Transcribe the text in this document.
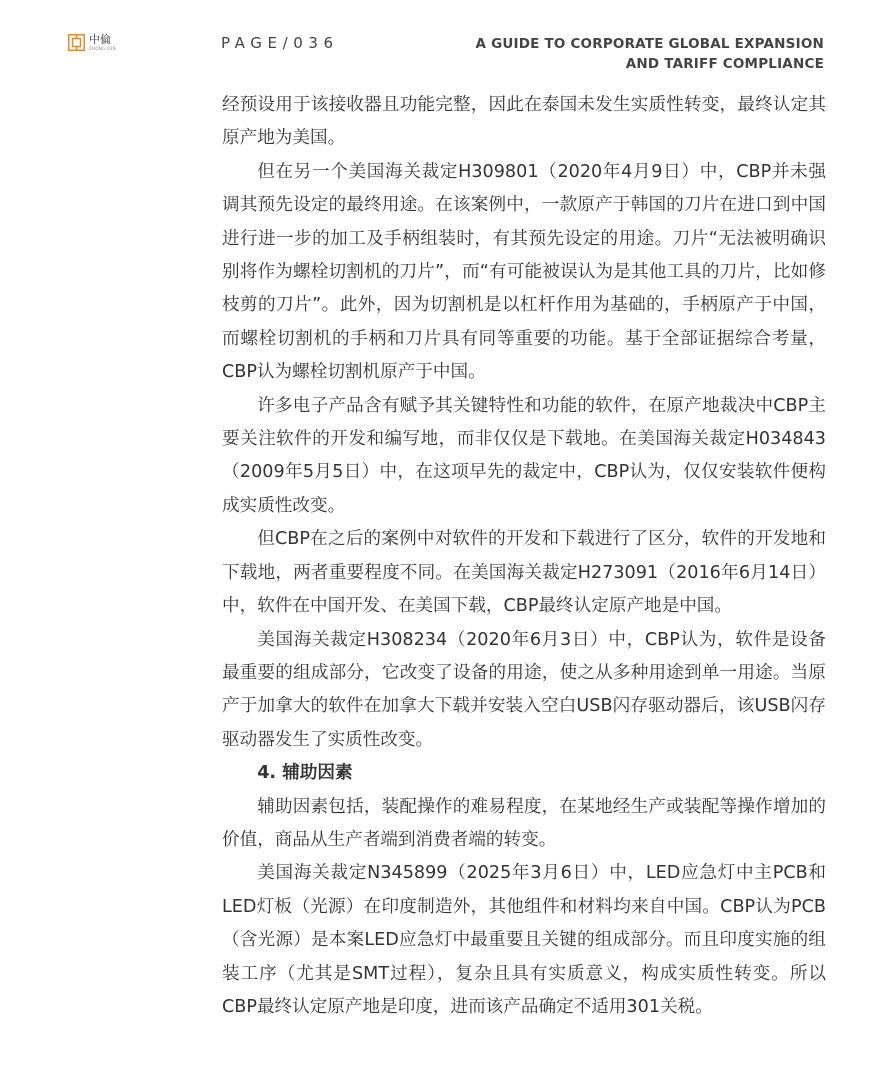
中倫
ZHONG LUN	PAGE/036	A GUIDE TO CORPORATE GLOBAL EXPANSION
AND TARIFF COMPLIANCE

经预设用于该接收器且功能完整，因此在泰国未发生实质性转变，最终认定其原产地为美国。

但在另一个美国海关裁定H309801（2020年4月9日）中，CBP并未强调其预先设定的最终用途。在该案例中，一款原产于韩国的刀片在进口到中国进行进一步的加工及手柄组装时，有其预先设定的用途。刀片“无法被明确识别将作为螺栓切割机的刀片”，而“有可能被误认为是其他工具的刀片，比如修枝剪的刀片”。此外，因为切割机是以杠杆作用为基础的，手柄原产于中国，而螺栓切割机的手柄和刀片具有同等重要的功能。基于全部证据综合考量，CBP认为螺栓切割机原产于中国。

许多电子产品含有赋予其关键特性和功能的软件，在原产地裁决中CBP主要关注软件的开发和编写地，而非仅仅是下载地。在美国海关裁定H034843（2009年5月5日）中，在这项早先的裁定中，CBP认为，仅仅安装软件便构成实质性改变。

但CBP在之后的案例中对软件的开发和下载进行了区分，软件的开发地和下载地，两者重要程度不同。在美国海关裁定H273091（2016年6月14日）中，软件在中国开发、在美国下载，CBP最终认定原产地是中国。

美国海关裁定H308234（2020年6月3日）中，CBP认为，软件是设备最重要的组成部分，它改变了设备的用途，使之从多种用途到单一用途。当原产于加拿大的软件在加拿大下载并安装入空白USB闪存驱动器后，该USB闪存驱动器发生了实质性改变。

4. 辅助因素

辅助因素包括，装配操作的难易程度，在某地经生产或装配等操作增加的价值，商品从生产者端到消费者端的转变。

美国海关裁定N345899（2025年3月6日）中，LED应急灯中主PCB和LED灯板（光源）在印度制造外，其他组件和材料均来自中国。CBP认为PCB（含光源）是本案LED应急灯中最重要且关键的组成部分。而且印度实施的组装工序（尤其是SMT过程），复杂且具有实质意义，构成实质性转变。所以CBP最终认定原产地是印度，进而该产品确定不适用301关税。
